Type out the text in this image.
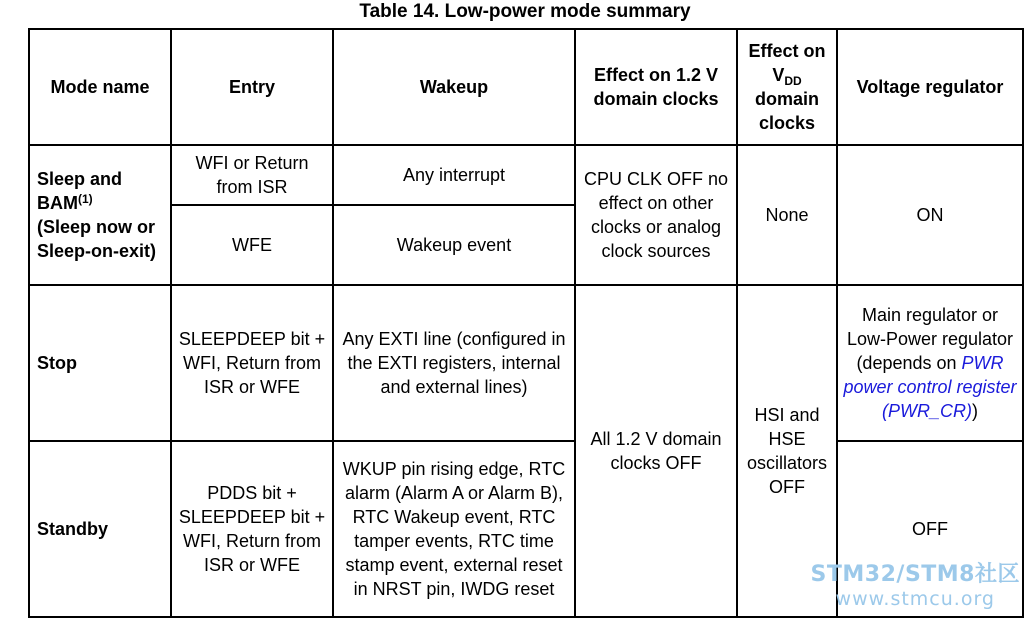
Table 14. Low-power mode summary
Mode name	Entry	Wakeup	Effect on 1.2 V domain clocks	Effect on $V_{DD}$ domain clocks	Voltage regulator
Sleep and BAM$^{(1)}$
(Sleep now or Sleep-on-exit)	WFI or Return from ISR	Any interrupt	CPU CLK OFF no effect on other clocks or analog clock sources	None	ON
	WFE	Wakeup event			
Stop	SLEEPDEEP bit + WFI, Return from ISR or WFE	Any EXTI line (configured in the EXTI registers, internal and external lines)	All 1.2 V domain clocks OFF	HSI and HSE oscillators OFF	Main regulator or Low-Power regulator (depends on PWR power control register (PWR_CR))
Standby	PDDS bit + SLEEPDEEP bit + WFI, Return from ISR or WFE	WKUP pin rising edge, RTC alarm (Alarm A or Alarm B), RTC Wakeup event, RTC tamper events, RTC time stamp event, external reset in NRST pin, IWDG reset			OFF
STM32/STM8社区
www.stmcu.org
